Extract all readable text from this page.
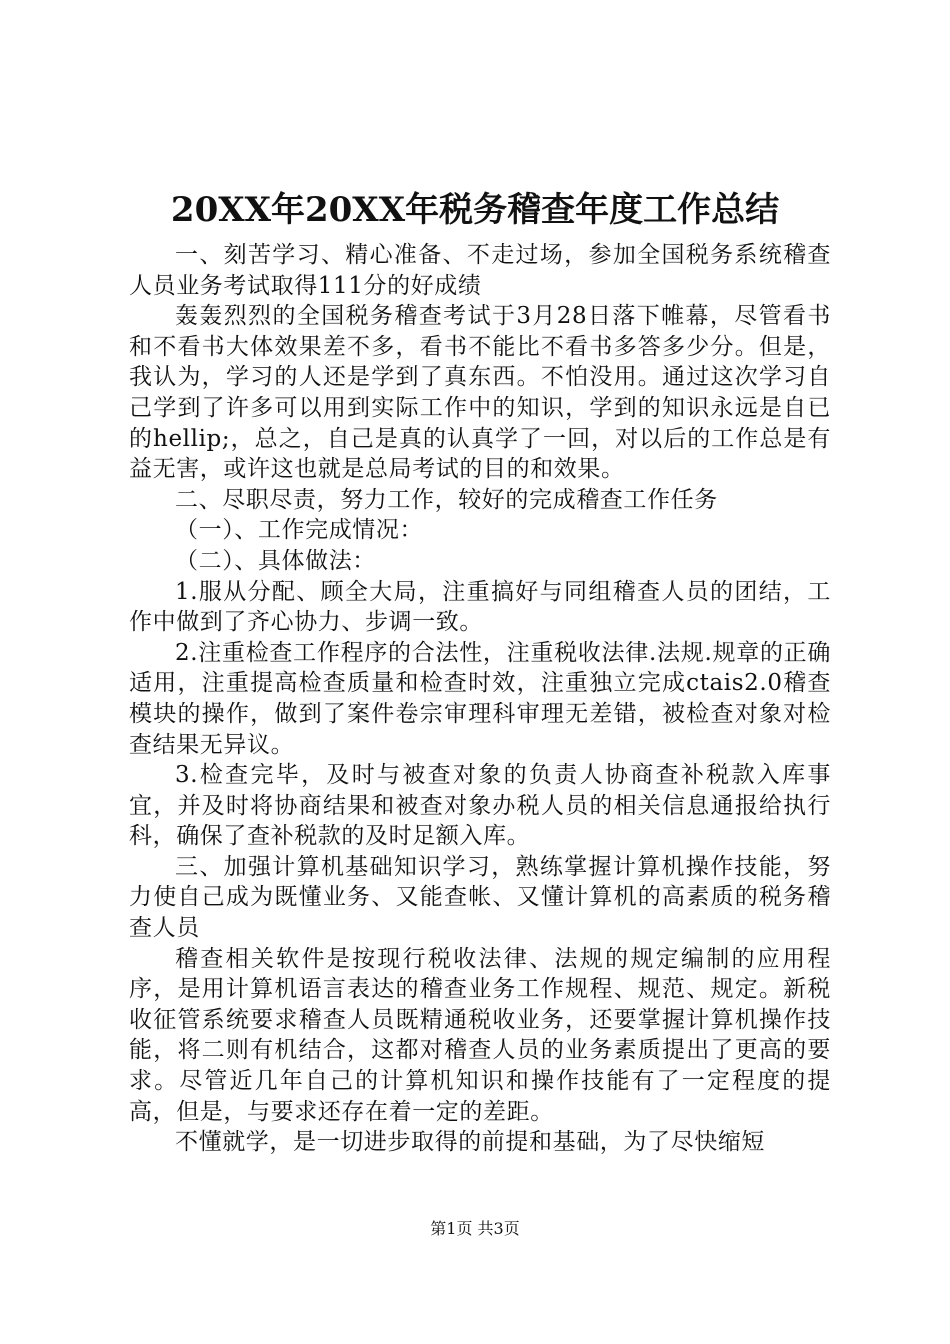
20XX年20XX年税务稽查年度工作总结

一、刻苦学习、精心准备、不走过场，参加全国税务系统稽查人员业务考试取得111分的好成绩

轰轰烈烈的全国税务稽查考试于3月28日落下帷幕，尽管看书和不看书大体效果差不多，看书不能比不看书多答多少分。但是，我认为，学习的人还是学到了真东西。不怕没用。通过这次学习自己学到了许多可以用到实际工作中的知识，学到的知识永远是自已的hellip;，总之，自己是真的认真学了一回，对以后的工作总是有益无害，或许这也就是总局考试的目的和效果。

二、尽职尽责，努力工作，较好的完成稽查工作任务

（一）、工作完成情况：

（二）、具体做法：

1.服从分配、顾全大局，注重搞好与同组稽查人员的团结，工作中做到了齐心协力、步调一致。

2.注重检查工作程序的合法性，注重税收法律.法规.规章的正确适用，注重提高检查质量和检查时效，注重独立完成ctais2.0稽查模块的操作，做到了案件卷宗审理科审理无差错，被检查对象对检查结果无异议。

3.检查完毕，及时与被查对象的负责人协商查补税款入库事宜，并及时将协商结果和被查对象办税人员的相关信息通报给执行科，确保了查补税款的及时足额入库。

三、加强计算机基础知识学习，熟练掌握计算机操作技能，努力使自己成为既懂业务、又能查帐、又懂计算机的高素质的税务稽查人员

稽查相关软件是按现行税收法律、法规的规定编制的应用程序，是用计算机语言表达的稽查业务工作规程、规范、规定。新税收征管系统要求稽查人员既精通税收业务，还要掌握计算机操作技能，将二则有机结合，这都对稽查人员的业务素质提出了更高的要求。尽管近几年自己的计算机知识和操作技能有了一定程度的提高，但是，与要求还存在着一定的差距。

不懂就学，是一切进步取得的前提和基础，为了尽快缩短

第1页 共3页
